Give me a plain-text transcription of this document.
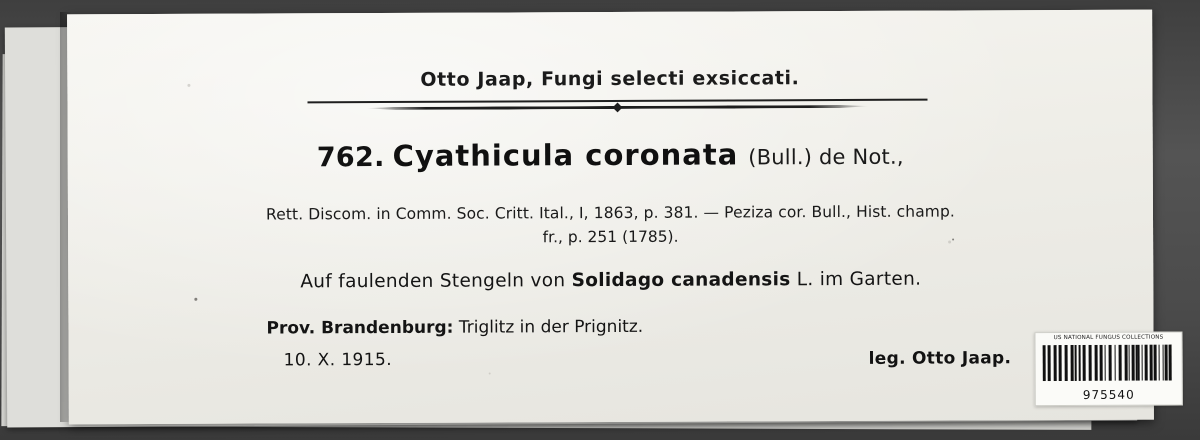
Otto Jaap, Fungi selecti exsiccati.
762. Cyathicula coronata (Bull.) de Not.,
Rett. Discom. in Comm. Soc. Critt. Ital., I, 1863, p. 381. — Peziza cor. Bull., Hist. champ.
fr., p. 251 (1785).
Auf faulenden Stengeln von Solidago canadensis L. im Garten.
Prov. Brandenburg: Triglitz in der Prignitz.
10. X. 1915.	leg. Otto Jaap.
US NATIONAL FUNGUS COLLECTIONS
975540
